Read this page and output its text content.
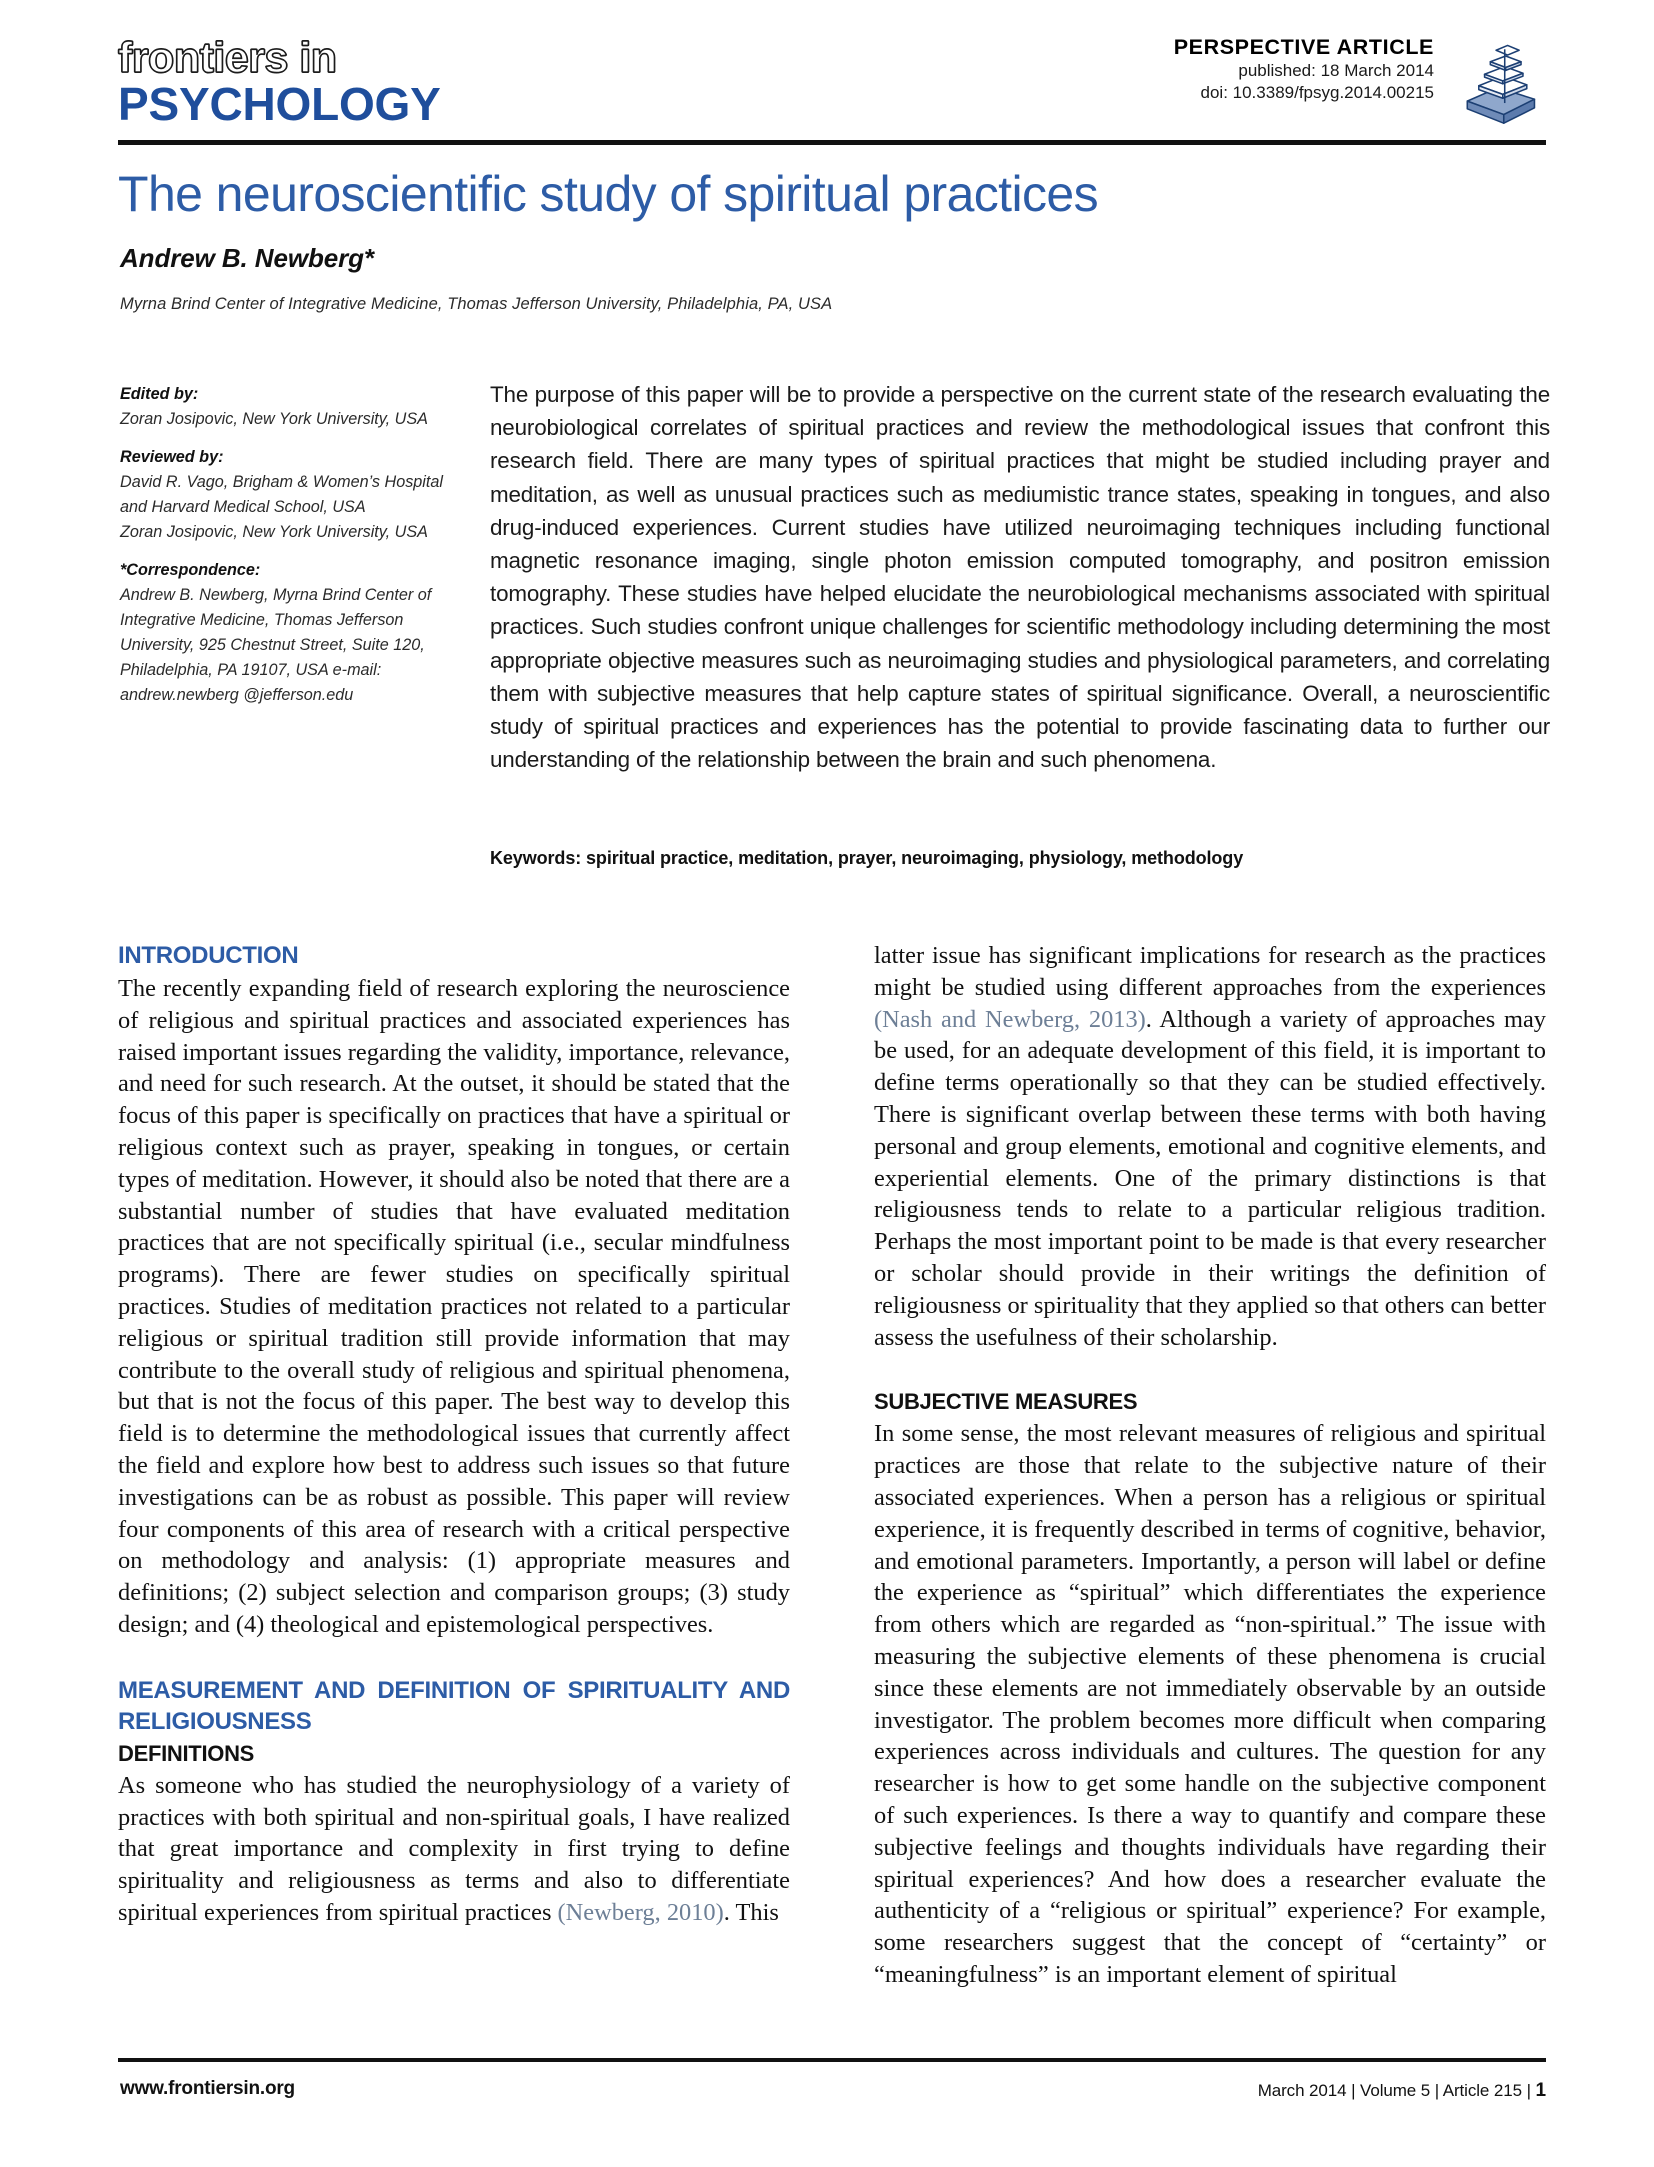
frontiers in
PSYCHOLOGY
PERSPECTIVE ARTICLE
published: 18 March 2014
doi: 10.3389/fpsyg.2014.00215
The neuroscientific study of spiritual practices
Andrew B. Newberg*
Myrna Brind Center of Integrative Medicine, Thomas Jefferson University, Philadelphia, PA, USA
Edited by:
Zoran Josipovic, New York University, USA
Reviewed by:
David R. Vago, Brigham & Women’s Hospital and Harvard Medical School, USA
Zoran Josipovic, New York University, USA
*Correspondence:
Andrew B. Newberg, Myrna Brind Center of Integrative Medicine, Thomas Jefferson University, 925 Chestnut Street, Suite 120, Philadelphia, PA 19107, USA e-mail: andrew.newberg @jefferson.edu
The purpose of this paper will be to provide a perspective on the current state of the research evaluating the neurobiological correlates of spiritual practices and review the methodological issues that confront this research field. There are many types of spiritual practices that might be studied including prayer and meditation, as well as unusual practices such as mediumistic trance states, speaking in tongues, and also drug-induced experiences. Current studies have utilized neuroimaging techniques including functional magnetic resonance imaging, single photon emission computed tomography, and positron emission tomography. These studies have helped elucidate the neurobiological mechanisms associated with spiritual practices. Such studies confront unique challenges for scientific methodology including determining the most appropriate objective measures such as neuroimaging studies and physiological parameters, and correlating them with subjective measures that help capture states of spiritual significance. Overall, a neuroscientific study of spiritual practices and experiences has the potential to provide fascinating data to further our understanding of the relationship between the brain and such phenomena.
Keywords: spiritual practice, meditation, prayer, neuroimaging, physiology, methodology
INTRODUCTION

The recently expanding field of research exploring the neuroscience of religious and spiritual practices and associated experiences has raised important issues regarding the validity, importance, relevance, and need for such research. At the outset, it should be stated that the focus of this paper is specifically on practices that have a spiritual or religious context such as prayer, speaking in tongues, or certain types of meditation. However, it should also be noted that there are a substantial number of studies that have evaluated meditation practices that are not specifically spiritual (i.e., secular mindfulness programs). There are fewer studies on specifically spiritual practices. Studies of meditation practices not related to a particular religious or spiritual tradition still provide information that may contribute to the overall study of religious and spiritual phenomena, but that is not the focus of this paper. The best way to develop this field is to determine the methodological issues that currently affect the field and explore how best to address such issues so that future investigations can be as robust as possible. This paper will review four components of this area of research with a critical perspective on methodology and analysis: (1) appropriate measures and definitions; (2) subject selection and comparison groups; (3) study design; and (4) theological and epistemological perspectives.

MEASUREMENT AND DEFINITION OF SPIRITUALITY AND RELIGIOUSNESS
DEFINITIONS

As someone who has studied the neurophysiology of a variety of practices with both spiritual and non-spiritual goals, I have realized that great importance and complexity in first trying to define spirituality and religiousness as terms and also to differentiate spiritual experiences from spiritual practices (Newberg, 2010). This

latter issue has significant implications for research as the practices might be studied using different approaches from the experiences (Nash and Newberg, 2013). Although a variety of approaches may be used, for an adequate development of this field, it is important to define terms operationally so that they can be studied effectively. There is significant overlap between these terms with both having personal and group elements, emotional and cognitive elements, and experiential elements. One of the primary distinctions is that religiousness tends to relate to a particular religious tradition. Perhaps the most important point to be made is that every researcher or scholar should provide in their writings the definition of religiousness or spirituality that they applied so that others can better assess the usefulness of their scholarship.

SUBJECTIVE MEASURES

In some sense, the most relevant measures of religious and spiritual practices are those that relate to the subjective nature of their associated experiences. When a person has a religious or spiritual experience, it is frequently described in terms of cognitive, behavior, and emotional parameters. Importantly, a person will label or define the experience as “spiritual” which differentiates the experience from others which are regarded as “non-spiritual.” The issue with measuring the subjective elements of these phenomena is crucial since these elements are not immediately observable by an outside investigator. The problem becomes more difficult when comparing experiences across individuals and cultures. The question for any researcher is how to get some handle on the subjective component of such experiences. Is there a way to quantify and compare these subjective feelings and thoughts individuals have regarding their spiritual experiences? And how does a researcher evaluate the authenticity of a “religious or spiritual” experience? For example, some researchers suggest that the concept of “certainty” or “meaningfulness” is an important element of spiritual

www.frontiersin.org	March 2014 | Volume 5 | Article 215 | 1
